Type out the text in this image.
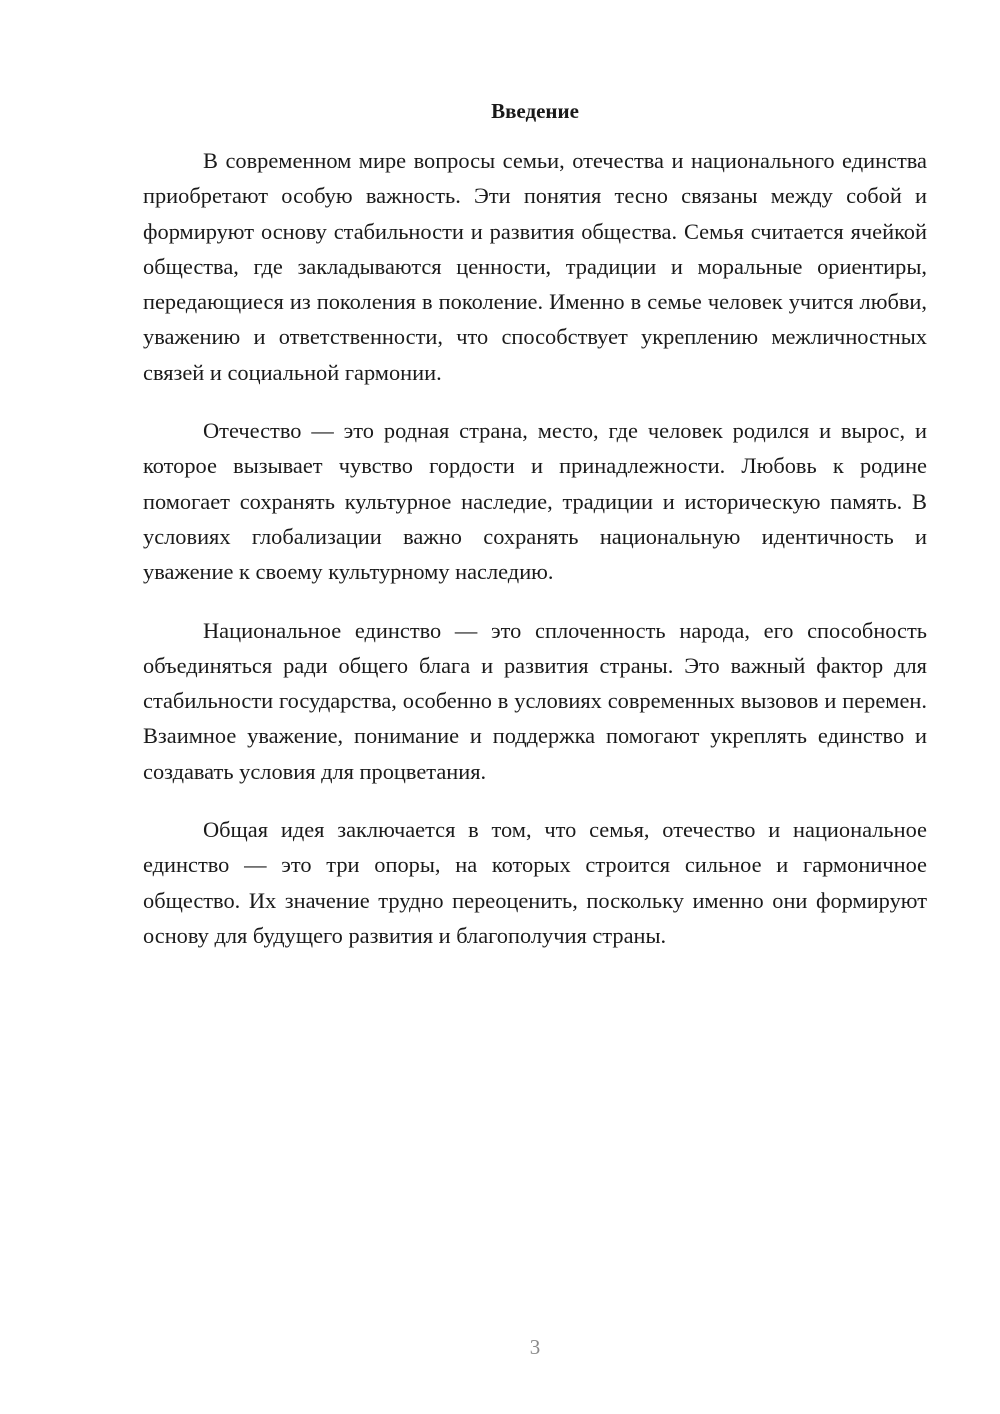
Введение

В современном мире вопросы семьи, отечества и национального единства приобретают особую важность. Эти понятия тесно связаны между собой и формируют основу стабильности и развития общества. Семья считается ячейкой общества, где закладываются ценности, традиции и моральные ориентиры, передающиеся из поколения в поколение. Именно в семье человек учится любви, уважению и ответственности, что способствует укреплению межличностных связей и социальной гармонии.

Отечество — это родная страна, место, где человек родился и вырос, и которое вызывает чувство гордости и принадлежности. Любовь к родине помогает сохранять культурное наследие, традиции и историческую память. В условиях глобализации важно сохранять национальную идентичность и уважение к своему культурному наследию.

Национальное единство — это сплоченность народа, его способность объединяться ради общего блага и развития страны. Это важный фактор для стабильности государства, особенно в условиях современных вызовов и перемен. Взаимное уважение, понимание и поддержка помогают укреплять единство и создавать условия для процветания.

Общая идея заключается в том, что семья, отечество и национальное единство — это три опоры, на которых строится сильное и гармоничное общество. Их значение трудно переоценить, поскольку именно они формируют основу для будущего развития и благополучия страны.

3
